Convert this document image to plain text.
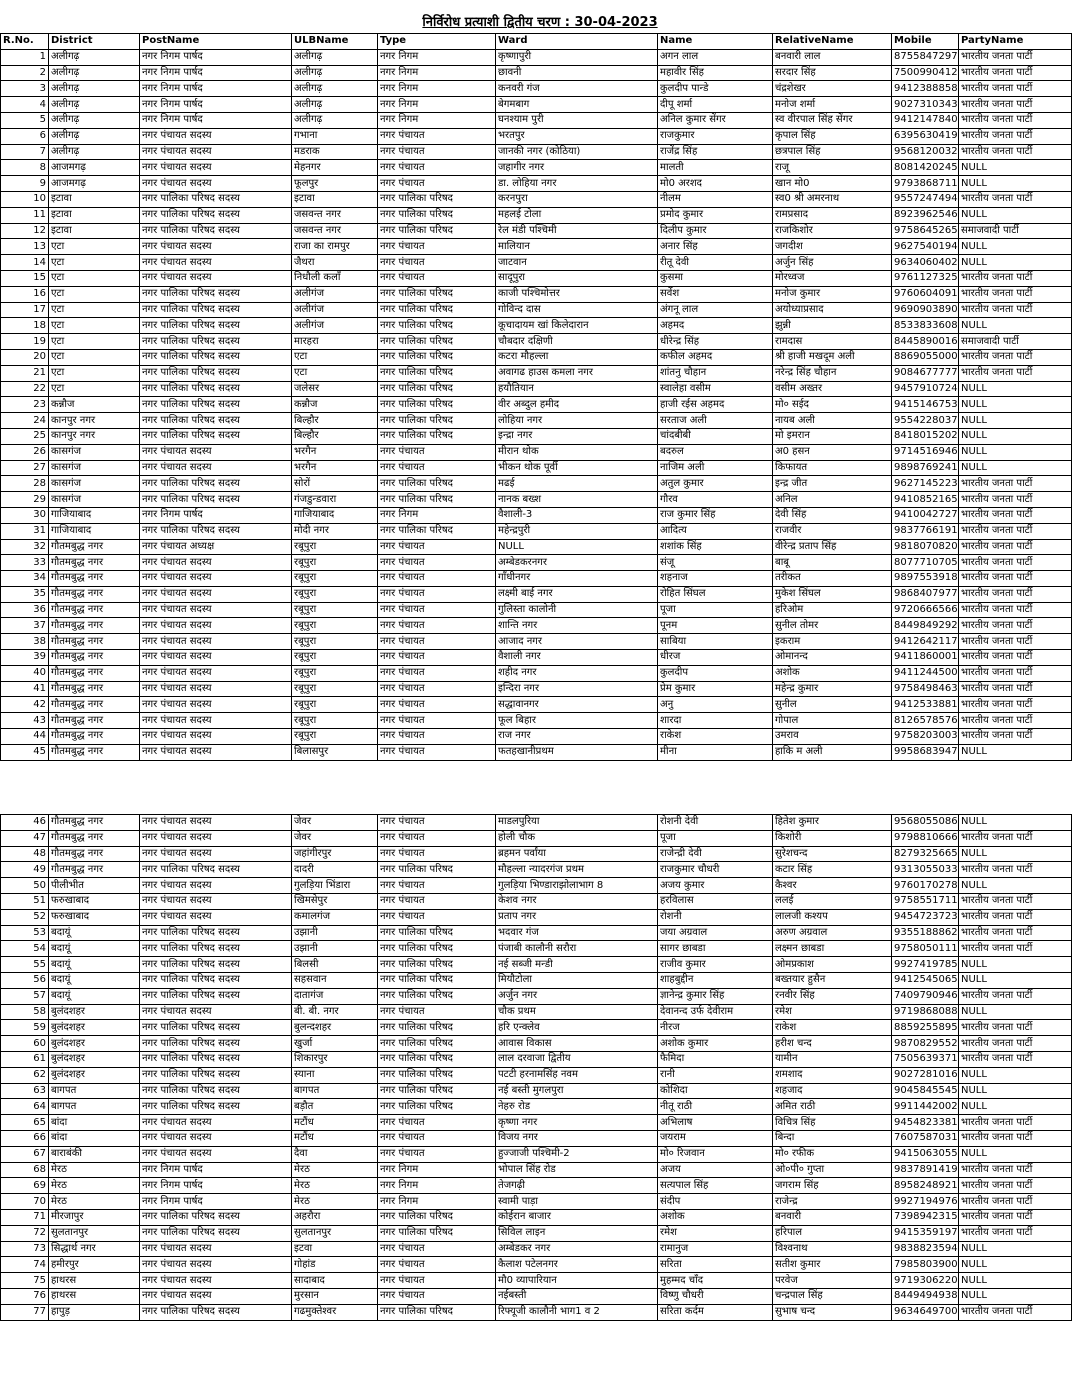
निर्विरोध प्रत्याशी द्वितीय चरण : 30-04-2023
R.No.	District	PostName	ULBName	Type	Ward	Name	RelativeName	Mobile	PartyName
1	अलीगढ़	नगर निगम पार्षद	अलीगढ़	नगर निगम	कृष्णापुरी	अगन लाल	बनवारी लाल	8755847297	भारतीय जनता पार्टी
2	अलीगढ़	नगर निगम पार्षद	अलीगढ़	नगर निगम	छावनी	महावीर सिंह	सरदार सिंह	7500990412	भारतीय जनता पार्टी
3	अलीगढ़	नगर निगम पार्षद	अलीगढ़	नगर निगम	कनवरी गंज	कुलदीप पान्डे	चंद्रशेखर	9412388858	भारतीय जनता पार्टी
4	अलीगढ़	नगर निगम पार्षद	अलीगढ़	नगर निगम	बेगमबाग	दीपू शर्मा	मनोज शर्मा	9027310343	भारतीय जनता पार्टी
5	अलीगढ़	नगर निगम पार्षद	अलीगढ़	नगर निगम	घनश्याम पुरी	अनिल कुमार सेंगर	स्व वीरपाल सिंह सेंगर	9412147840	भारतीय जनता पार्टी
6	अलीगढ़	नगर पंचायत सदस्य	गभाना	नगर पंचायत	भरतपुर	राजकुमार	कृपाल सिंह	6395630419	भारतीय जनता पार्टी
7	अलीगढ़	नगर पंचायत सदस्य	मडराक	नगर पंचायत	जानकी नगर (कोठिया)	राजेंद्र सिंह	छत्रपाल सिंह	9568120032	भारतीय जनता पार्टी
8	आजमगढ़	नगर पंचायत सदस्य	मेहनगर	नगर पंचायत	जहागीर नगर	मालती	राजू	8081420245	NULL
9	आजमगढ़	नगर पंचायत सदस्य	फूलपुर	नगर पंचायत	डा. लोहिया नगर	मो0 अरशद	खान मो0	9793868711	NULL
10	इटावा	नगर पालिका परिषद सदस्य	इटावा	नगर पालिका परिषद	करनपुरा	नीलम	स्व0 श्री अमरनाथ	9557247494	भारतीय जनता पार्टी
11	इटावा	नगर पालिका परिषद सदस्य	जसवन्त नगर	नगर पालिका परिषद	महलई टोला	प्रमोद कुमार	रामप्रसाद	8923962546	NULL
12	इटावा	नगर पालिका परिषद सदस्य	जसवन्त नगर	नगर पालिका परिषद	रेल मंडी पश्चिमी	दिलीप कुमार	राजकिशोर	9758645265	समाजवादी पार्टी
13	एटा	नगर पंचायत सदस्य	राजा का रामपुर	नगर पंचायत	मालियान	अनार सिंह	जगदीश	9627540194	NULL
14	एटा	नगर पंचायत सदस्य	जैथरा	नगर पंचायत	जाटवान	रीतू देवी	अर्जुन सिंह	9634060402	NULL
15	एटा	नगर पंचायत सदस्य	निधौली कलाँ	नगर पंचायत	सादूपुरा	कुसमा	मोरध्वज	9761127325	भारतीय जनता पार्टी
16	एटा	नगर पालिका परिषद सदस्य	अलीगंज	नगर पालिका परिषद	काजी पश्चिमोत्तर	सर्वेश	मनोज कुमार	9760604091	भारतीय जनता पार्टी
17	एटा	नगर पालिका परिषद सदस्य	अलीगंज	नगर पालिका परिषद	गोविन्द दास	अंगनू लाल	अयोध्याप्रसाद	9690903890	भारतीय जनता पार्टी
18	एटा	नगर पालिका परिषद सदस्य	अलीगंज	नगर पालिका परिषद	कूचादायम खां किलेदारान	अहमद	झुन्नी	8533833608	NULL
19	एटा	नगर पालिका परिषद सदस्य	मारहरा	नगर पालिका परिषद	चौबदार दक्षिणी	धीरेन्द्र सिंह	रामदास	8445890016	समाजवादी पार्टी
20	एटा	नगर पालिका परिषद सदस्य	एटा	नगर पालिका परिषद	कटरा मौहल्ला	कफील अहमद	श्री हाजी मखदूम अली	8869055000	भारतीय जनता पार्टी
21	एटा	नगर पालिका परिषद सदस्य	एटा	नगर पालिका परिषद	अवागढ हाउस कमला नगर	शांतनु चौहान	नरेन्द्र सिंह चौहान	9084677777	भारतीय जनता पार्टी
22	एटा	नगर पालिका परिषद सदस्य	जलेसर	नगर पालिका परिषद	हयौतियान	स्वालेहा वसीम	वसीम अख्तर	9457910724	NULL
23	कन्नौज	नगर पालिका परिषद सदस्य	कन्नौज	नगर पालिका परिषद	वीर अब्दुल हमीद	हाजी रईस अहमद	मो० सईद	9415146753	NULL
24	कानपुर नगर	नगर पालिका परिषद सदस्य	बिल्हौर	नगर पालिका परिषद	लोहिया नगर	सरताज अली	नायब अली	9554228037	NULL
25	कानपुर नगर	नगर पालिका परिषद सदस्य	बिल्हौर	नगर पालिका परिषद	इन्द्रा नगर	चांदबीबी	मो इमरान	8418015202	NULL
26	कासगंज	नगर पंचायत सदस्य	भरगैन	नगर पंचायत	मीरान थोक	बदरुल	अ0 हसन	9714516946	NULL
27	कासगंज	नगर पंचायत सदस्य	भरगैन	नगर पंचायत	भीकन थोक पूर्वी	नाजिम अली	किफायत	9898769241	NULL
28	कासगंज	नगर पालिका परिषद सदस्य	सोरों	नगर पालिका परिषद	मढई	अतुल कुमार	इन्द्र जीत	9627145223	भारतीय जनता पार्टी
29	कासगंज	नगर पालिका परिषद सदस्य	गंजडुन्डवारा	नगर पालिका परिषद	नानक बख्श	गौरव	अनिल	9410852165	भारतीय जनता पार्टी
30	गाजियाबाद	नगर निगम पार्षद	गाजियाबाद	नगर निगम	वैशाली-3	राज कुमार सिंह	देवी सिंह	9410042727	भारतीय जनता पार्टी
31	गाजियाबाद	नगर पालिका परिषद सदस्य	मोदी नगर	नगर पालिका परिषद	महेन्द्रपुरी	आदित्य	राजवीर	9837766191	भारतीय जनता पार्टी
32	गौतमबुद्ध नगर	नगर पंचायत अध्यक्ष	रबूपुरा	नगर पंचायत	NULL	शशांक सिंह	वीरेन्द्र प्रताप सिंह	9818070820	भारतीय जनता पार्टी
33	गौतमबुद्ध नगर	नगर पंचायत सदस्य	रबूपुरा	नगर पंचायत	अम्बेडकरनगर	संजू	बाबू	8077710705	भारतीय जनता पार्टी
34	गौतमबुद्ध नगर	नगर पंचायत सदस्य	रबूपुरा	नगर पंचायत	गाँधीनगर	शहनाज	तरीकत	9897553918	भारतीय जनता पार्टी
35	गौतमबुद्ध नगर	नगर पंचायत सदस्य	रबूपुरा	नगर पंचायत	लक्ष्मी बाई नगर	रोहित सिंघल	मुकेश सिंघल	9868407977	भारतीय जनता पार्टी
36	गौतमबुद्ध नगर	नगर पंचायत सदस्य	रबूपुरा	नगर पंचायत	गुलिस्ता कालोनी	पूजा	हरिओम	9720666566	भारतीय जनता पार्टी
37	गौतमबुद्ध नगर	नगर पंचायत सदस्य	रबूपुरा	नगर पंचायत	शान्ति नगर	पूनम	सुनील तोमर	8449849292	भारतीय जनता पार्टी
38	गौतमबुद्ध नगर	नगर पंचायत सदस्य	रबूपुरा	नगर पंचायत	आजाद नगर	साबिया	इकराम	9412642117	भारतीय जनता पार्टी
39	गौतमबुद्ध नगर	नगर पंचायत सदस्य	रबूपुरा	नगर पंचायत	वैशाली नगर	धीरज	ओमानन्द	9411860001	भारतीय जनता पार्टी
40	गौतमबुद्ध नगर	नगर पंचायत सदस्य	रबूपुरा	नगर पंचायत	शहीद नगर	कुलदीप	अशोक	9411244500	भारतीय जनता पार्टी
41	गौतमबुद्ध नगर	नगर पंचायत सदस्य	रबूपुरा	नगर पंचायत	इन्दिरा नगर	प्रेम कुमार	महेन्द्र कुमार	9758498463	भारतीय जनता पार्टी
42	गौतमबुद्ध नगर	नगर पंचायत सदस्य	रबूपुरा	नगर पंचायत	सद्धावानगर	अनु	सुनील	9412533881	भारतीय जनता पार्टी
43	गौतमबुद्ध नगर	नगर पंचायत सदस्य	रबूपुरा	नगर पंचायत	फूल बिहार	शारदा	गोपाल	8126578576	भारतीय जनता पार्टी
44	गौतमबुद्ध नगर	नगर पंचायत सदस्य	रबूपुरा	नगर पंचायत	राज नगर	राकेश	उमराव	9758203003	भारतीय जनता पार्टी
45	गौतमबुद्ध नगर	नगर पंचायत सदस्य	बिलासपुर	नगर पंचायत	फतहखानीप्रथम	मीना	हाकि म अली	9958683947	NULL
46	गौतमबुद्ध नगर	नगर पंचायत सदस्य	जेवर	नगर पंचायत	माडलपुरिया	रोशनी देवी	हितेश कुमार	9568055086	NULL
47	गौतमबुद्ध नगर	नगर पंचायत सदस्य	जेवर	नगर पंचायत	होली चौक	पूजा	किशोरी	9798810666	भारतीय जनता पार्टी
48	गौतमबुद्ध नगर	नगर पंचायत सदस्य	जहांगीरपुर	नगर पंचायत	ब्रहमन पर्वांया	राजेन्द्री देवी	सुरेशचन्द	8279325665	NULL
49	गौतमबुद्ध नगर	नगर पालिका परिषद सदस्य	दादरी	नगर पालिका परिषद	मौहल्ला न्यादरगंज प्रथम	राजकुमार चौधरी	कटार सिंह	9313055033	भारतीय जनता पार्टी
50	पीलीभीत	नगर पंचायत सदस्य	गुलड़िया भिंडारा	नगर पंचायत	गुलड़िया भिण्डाराझोलाभाग 8	अजय कुमार	कैश्वर	9760170278	NULL
51	फरुखाबाद	नगर पंचायत सदस्य	खिमसेपुर	नगर पंचायत	केशव नगर	हरविलास	ललई	9758551711	भारतीय जनता पार्टी
52	फरुखाबाद	नगर पंचायत सदस्य	कमालगंज	नगर पंचायत	प्रताप नगर	रोशनी	लालजी कश्यप	9454723723	भारतीय जनता पार्टी
53	बदायूं	नगर पालिका परिषद सदस्य	उझानी	नगर पालिका परिषद	भदवार गंज	जया अग्रवाल	अरुण अग्रवाल	9355188862	भारतीय जनता पार्टी
54	बदायूं	नगर पालिका परिषद सदस्य	उझानी	नगर पालिका परिषद	पंजाबी कालौनी सरौरा	सागर छाबडा	लक्ष्मन छाबडा	9758050111	भारतीय जनता पार्टी
55	बदायूं	नगर पालिका परिषद सदस्य	बिलसी	नगर पालिका परिषद	नई सब्जी मन्डी	राजीव कुमार	ओमप्रकाश	9927419785	NULL
56	बदायूं	नगर पालिका परिषद सदस्य	सहसवान	नगर पालिका परिषद	मियौटोला	शाहबुद्दीन	बख्तयार हुसैन	9412545065	NULL
57	बदायूं	नगर पालिका परिषद सदस्य	दातागंज	नगर पालिका परिषद	अर्जुन नगर	ज्ञानेन्द्र कुमार सिंह	रनवीर सिंह	7409790946	भारतीय जनता पार्टी
58	बुलंदशहर	नगर पंचायत सदस्य	बी. बी. नगर	नगर पंचायत	चौक प्रथम	देवानन्द उर्फ देवीराम	रमेश	9719868088	NULL
59	बुलंदशहर	नगर पालिका परिषद सदस्य	बुलन्दशहर	नगर पालिका परिषद	हरि एन्क्लेव	नीरज	राकेश	8859255895	भारतीय जनता पार्टी
60	बुलंदशहर	नगर पालिका परिषद सदस्य	खुर्जा	नगर पालिका परिषद	आवास विकास	अशोक कुमार	हरीश चन्द	9870829552	भारतीय जनता पार्टी
61	बुलंदशहर	नगर पालिका परिषद सदस्य	शिकारपुर	नगर पालिका परिषद	लाल दरवाजा द्वितीय	फैमिदा	यामीन	7505639371	भारतीय जनता पार्टी
62	बुलंदशहर	नगर पालिका परिषद सदस्य	स्याना	नगर पालिका परिषद	पटटी हरनामसिंह नवम	रानी	शमशाद	9027281016	NULL
63	बागपत	नगर पालिका परिषद सदस्य	बागपत	नगर पालिका परिषद	नई बस्ती मुगलपुरा	कोशिदा	शहजाद	9045845545	NULL
64	बागपत	नगर पालिका परिषद सदस्य	बड़ौत	नगर पालिका परिषद	नेहरु रोड	नीतू राठी	अमित राठी	9911442002	NULL
65	बांदा	नगर पंचायत सदस्य	मटौंध	नगर पंचायत	कृष्णा नगर	अभिलाष	विचित्र सिंह	9454823381	भारतीय जनता पार्टी
66	बांदा	नगर पंचायत सदस्य	मटौंध	नगर पंचायत	विजय नगर	जयराम	बिन्दा	7607587031	भारतीय जनता पार्टी
67	बाराबंकी	नगर पंचायत सदस्य	दैवा	नगर पंचायत	हुज्जाजी पश्चिमी-2	मो० रिजवान	मो० रफीक	9415063055	NULL
68	मेरठ	नगर निगम पार्षद	मेरठ	नगर निगम	भोपाल सिंह रोड	अजय	ओ०पी० गुप्ता	9837891419	भारतीय जनता पार्टी
69	मेरठ	नगर निगम पार्षद	मेरठ	नगर निगम	तेजगढ़ी	सत्यपाल सिंह	जगराम सिंह	8958248921	भारतीय जनता पार्टी
70	मेरठ	नगर निगम पार्षद	मेरठ	नगर निगम	स्वामी पाड़ा	संदीप	राजेन्द्र	9927194976	भारतीय जनता पार्टी
71	मीरजापुर	नगर पालिका परिषद सदस्य	अहरौरा	नगर पालिका परिषद	कोईरान बाजार	अशोक	बनवारी	7398942315	भारतीय जनता पार्टी
72	सुलतानपुर	नगर पालिका परिषद सदस्य	सुलतानपुर	नगर पालिका परिषद	सिविल लाइन	रमेश	हरिपाल	9415359197	भारतीय जनता पार्टी
73	सिद्धार्थ नगर	नगर पंचायत सदस्य	इटवा	नगर पंचायत	अम्बेडकर नगर	रामानुज	विश्वनाथ	9838823594	NULL
74	हमीरपुर	नगर पंचायत सदस्य	गोहांड	नगर पंचायत	कैलाश पटेलनगर	सरिता	सतीश कुमार	7985803900	NULL
75	हाथरस	नगर पंचायत सदस्य	सादाबाद	नगर पंचायत	मौ0 व्यापारियान	मुहम्मद चाँद	परवेज	9719306220	NULL
76	हाथरस	नगर पंचायत सदस्य	मुरसान	नगर पंचायत	नईबस्ती	विष्णु चौधरी	चन्द्रपाल सिंह	8449494938	NULL
77	हापुड़	नगर पालिका परिषद सदस्य	गढमुक्तेश्वर	नगर पालिका परिषद	रिफ्यूजी कालौनी भाग1 व 2	सरिता कर्दम	सुभाष चन्द	9634649700	भारतीय जनता पार्टी
